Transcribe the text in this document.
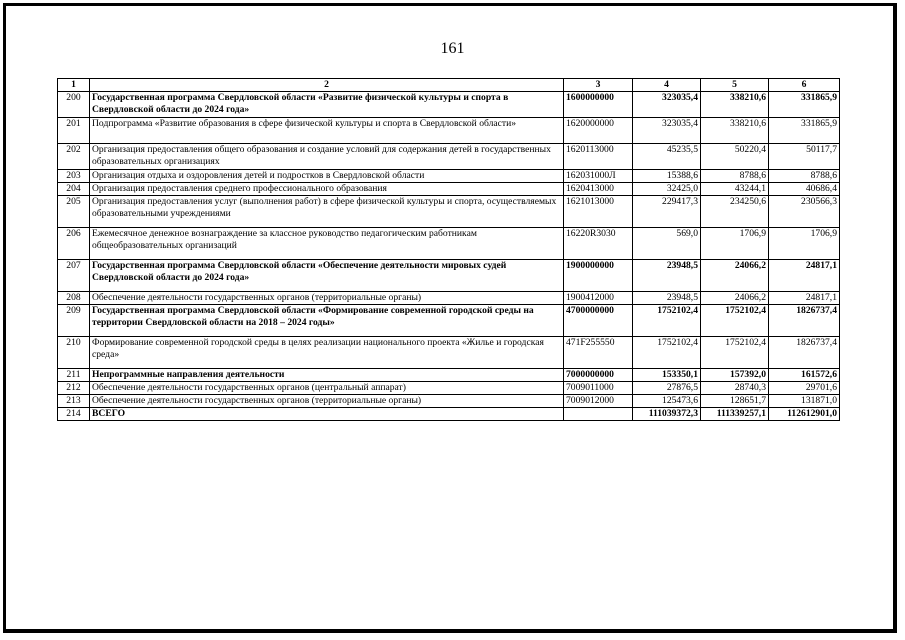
161
1	2	3	4	5	6
200	Государственная программа Свердловской области «Развитие физической культуры и спорта в Свердловской области до 2024 года»	1600000000	323035,4	338210,6	331865,9
201	Подпрограмма «Развитие образования в сфере физической культуры и спорта в Свердловской области»	1620000000	323035,4	338210,6	331865,9
202	Организация предоставления общего образования и создание условий для содержания детей в государственных образовательных организациях	1620113000	45235,5	50220,4	50117,7
203	Организация отдыха и оздоровления детей и подростков в Свердловской области	162031000Л	15388,6	8788,6	8788,6
204	Организация предоставления среднего профессионального образования	1620413000	32425,0	43244,1	40686,4
205	Организация предоставления услуг (выполнения работ) в сфере физической культуры и спорта, осуществляемых образовательными учреждениями	1621013000	229417,3	234250,6	230566,3
206	Ежемесячное денежное вознаграждение за классное руководство педагогическим работникам общеобразовательных организаций	16220R3030	569,0	1706,9	1706,9
207	Государственная программа Свердловской области «Обеспечение деятельности мировых судей Свердловской области до 2024 года»	1900000000	23948,5	24066,2	24817,1
208	Обеспечение деятельности государственных органов (территориальные органы)	1900412000	23948,5	24066,2	24817,1
209	Государственная программа Свердловской области «Формирование современной городской среды на территории Свердловской области на 2018 – 2024 годы»	4700000000	1752102,4	1752102,4	1826737,4
210	Формирование современной городской среды в целях реализации национального проекта «Жилье и городская среда»	471F255550	1752102,4	1752102,4	1826737,4
211	Непрограммные направления деятельности	7000000000	153350,1	157392,0	161572,6
212	Обеспечение деятельности государственных органов (центральный аппарат)	7009011000	27876,5	28740,3	29701,6
213	Обеспечение деятельности государственных органов (территориальные органы)	7009012000	125473,6	128651,7	131871,0
214	ВСЕГО		111039372,3	111339257,1	112612901,0
